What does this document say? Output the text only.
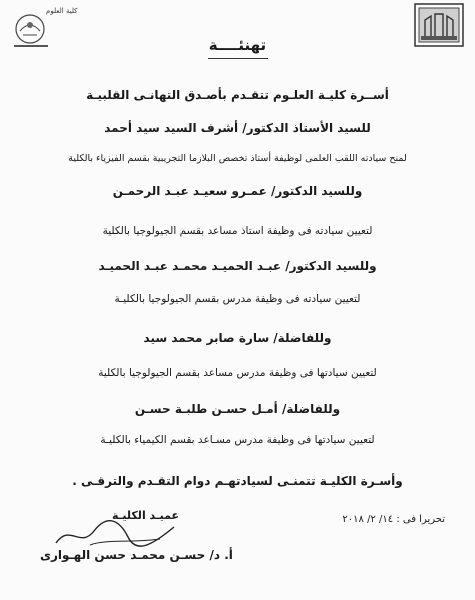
كلية العلوم
تهنئــــة
أســرة كليـة العلـوم تتقـدم بأصـدق التهانـى القلبيـة
للسيد الأستاذ الدكتور/ أشرف السيد سيد أحمد
لمنح سيادته اللقب العلمى لوظيفة أستاذ تخصص البلازما التجريبية بقسم الفيزياء بالكلية
وللسيد الدكتور/ عمـرو سعيـد عبـد الرحمـن
لتعيين سيادته فى وظيفة استاذ مساعد بقسم الجيولوجيا بالكلية
وللسيد الدكتور/ عبـد الحميـد محمـد عبـد الحميـد
لتعيين سيادته فى وظيفة مدرس بقسم الجيولوجيا بالكليـة
وللفاضلة/ سارة صابر محمد سيد
لتعيين سيادتها فى وظيفة مدرس مساعد بقسم الجيولوجيا بالكلية
وللفاضلة/ أمـل حسـن طلبـة حسـن
لتعيين سيادتها فى وظيفة مدرس مسـاعد بقسم الكيمياء بالكليـة
وأسـرة الكليـة تتمنـى لسيادتهـم دوام التقـدم والترقـى .
تحريرا فى : ١٤/ ٢/ ٢٠١٨
عميـد الكليـة
أ. د/ حسـن محمـد حسن الهـوارى
